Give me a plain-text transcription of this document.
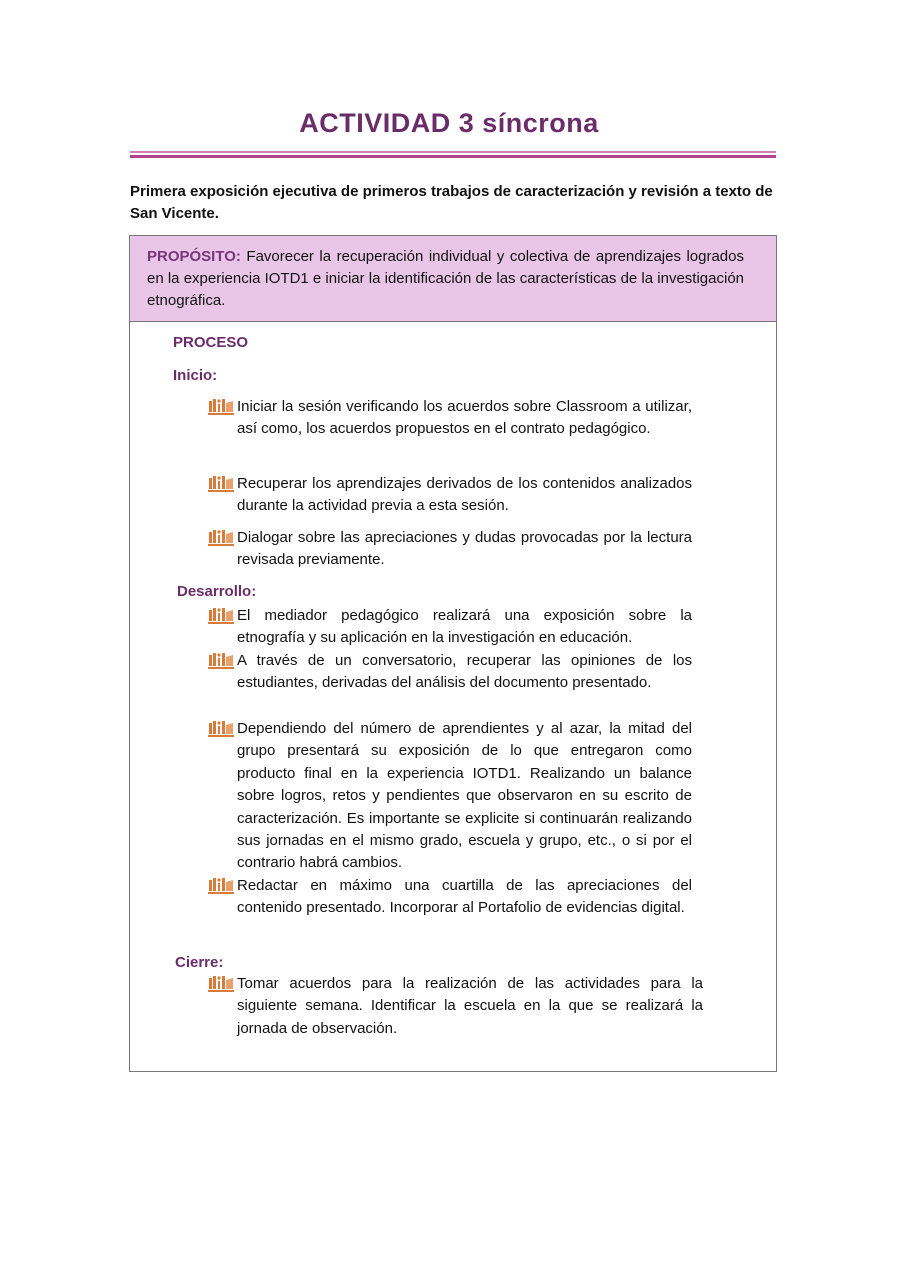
ACTIVIDAD 3 síncrona
Primera exposición ejecutiva de primeros trabajos de caracterización y revisión a texto de San Vicente.
PROPÓSITO: Favorecer la recuperación individual y colectiva de aprendizajes logrados en la experiencia IOTD1 e iniciar la identificación de las características de la investigación etnográfica.
PROCESO
Inicio:
Iniciar la sesión verificando los acuerdos sobre Classroom a utilizar, así como, los acuerdos propuestos en el contrato pedagógico.
Recuperar los aprendizajes derivados de los contenidos analizados durante la actividad previa a esta sesión.
Dialogar sobre las apreciaciones y dudas provocadas por la lectura revisada previamente.
Desarrollo:
El mediador pedagógico realizará una exposición sobre la etnografía y su aplicación en la investigación en educación.
A través de un conversatorio, recuperar las opiniones de los estudiantes, derivadas del análisis del documento presentado.
Dependiendo del número de aprendientes y al azar, la mitad del grupo presentará su exposición de lo que entregaron como producto final en la experiencia IOTD1. Realizando un balance sobre logros, retos y pendientes que observaron en su escrito de caracterización. Es importante se explicite si continuarán realizando sus jornadas en el mismo grado, escuela y grupo, etc., o si por el contrario habrá cambios.
Redactar en máximo una cuartilla de las apreciaciones del contenido presentado. Incorporar al Portafolio de evidencias digital.
Cierre:
Tomar acuerdos para la realización de las actividades para la siguiente semana. Identificar la escuela en la que se realizará la jornada de observación.
